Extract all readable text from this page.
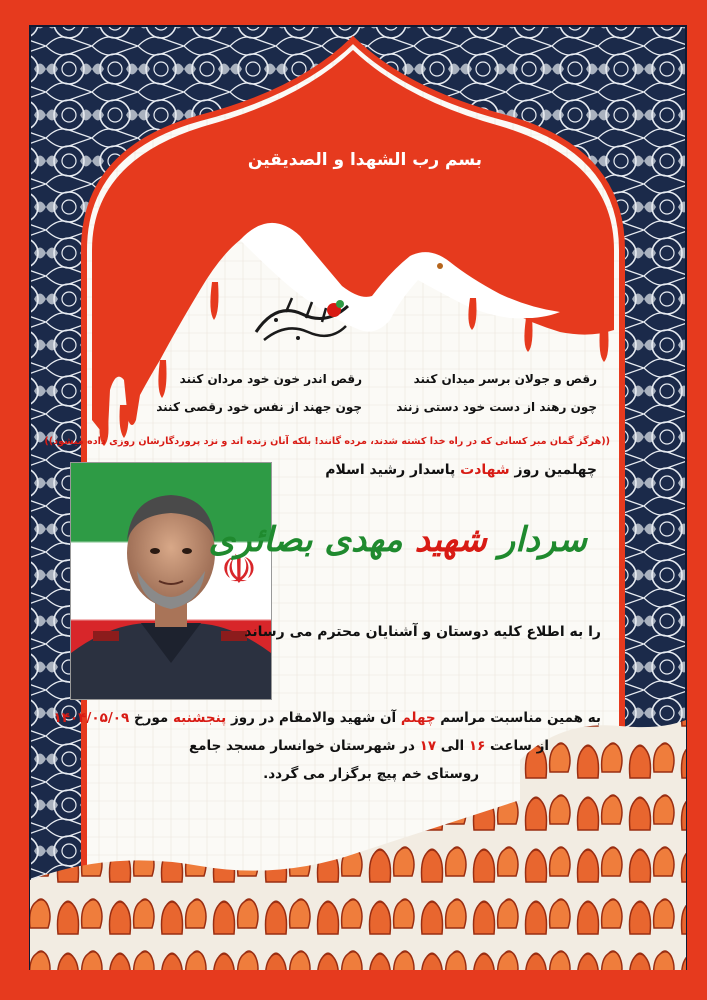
☫
بسم رب الشهدا و الصدیقین
رقص و جولان برسر میدان کنند
چون رهند از دست خود دستی زنند
رقص اندر خون خود مردان کنند
چون جهند از نفس خود رقصی کنند
((هرگز گمان مبر کسانی که در راه خدا کشته شدند، مرده گانند! بلکه آنان زنده اند و نزد پروردگارشان روزی داده میشود))
چهلمین روز شهادت پاسدار رشید اسلام
سردار شهید مهدی بصائری
را به اطلاع کلیه دوستان و آشنایان محترم می رساند
به همین مناسبت مراسم چهلم آن شهید والامقام در روز پنجشنبه مورخ ۱۴۰۴/۰۵/۰۹
از ساعت ۱۶ الی ۱۷ در شهرستان خوانسار مسجد جامع
روستای خم پیچ برگزار می گردد.
